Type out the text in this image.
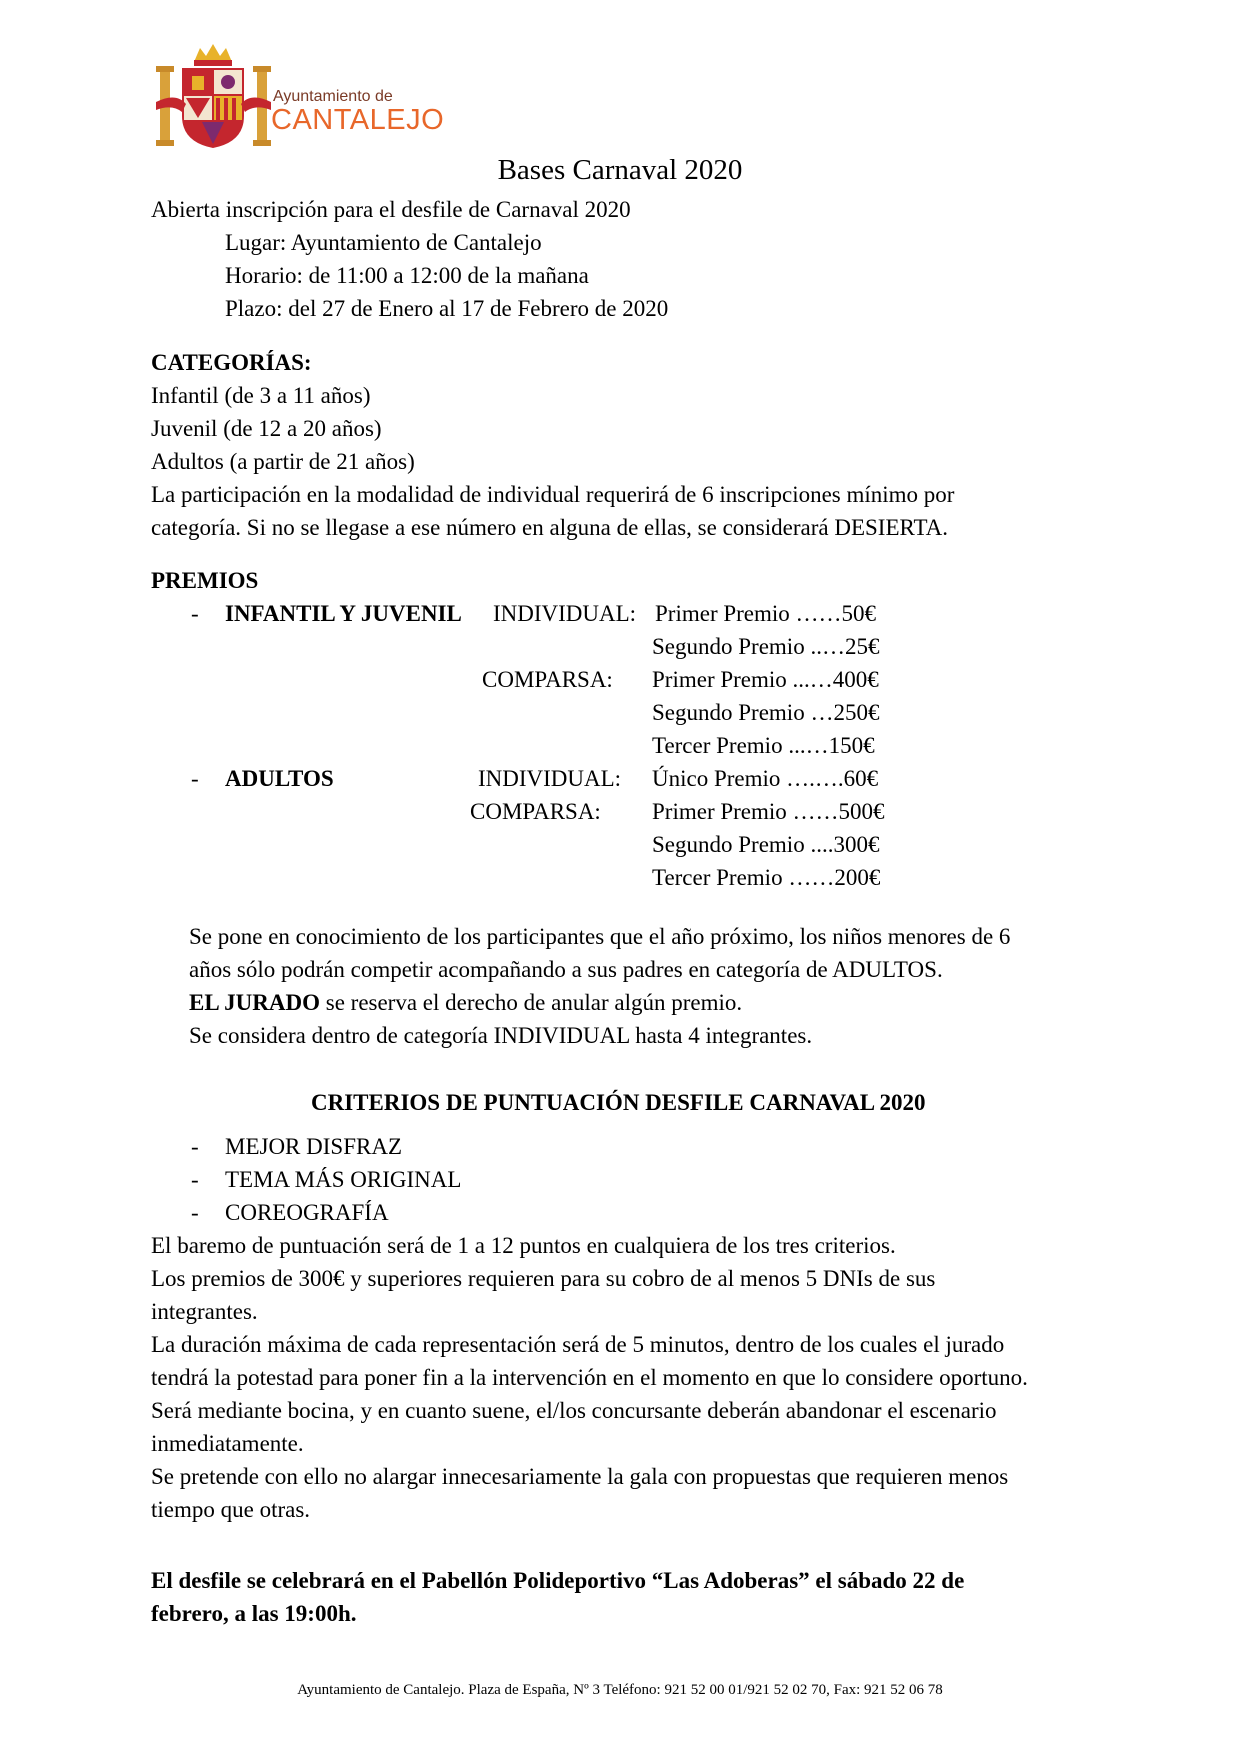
Ayuntamiento de
CANTALEJO
Bases Carnaval 2020
Abierta inscripción para el desfile de Carnaval 2020
Lugar: Ayuntamiento de Cantalejo
Horario: de 11:00 a 12:00 de la mañana
Plazo: del 27 de Enero al 17 de Febrero de 2020
CATEGORÍAS:
Infantil (de 3 a 11 años)
Juvenil (de 12 a 20 años)
Adultos (a partir de 21 años)
La participación en la modalidad de individual requerirá de 6 inscripciones mínimo por
categoría. Si no se llegase a ese número en alguna de ellas, se considerará DESIERTA.
PREMIOS
- INFANTIL Y JUVENIL INDIVIDUAL: Primer Premio ……50€
Segundo Premio ..…25€
COMPARSA: Primer Premio ...…400€
Segundo Premio …250€
Tercer Premio ...…150€
- ADULTOS	INDIVIDUAL: Único Premio ….….60€
COMPARSA: Primer Premio ……500€
Segundo Premio ....300€
Tercer Premio ……200€
Se pone en conocimiento de los participantes que el año próximo, los niños menores de 6
años sólo podrán competir acompañando a sus padres en categoría de ADULTOS.
EL JURADO se reserva el derecho de anular algún premio.
Se considera dentro de categoría INDIVIDUAL hasta 4 integrantes.
CRITERIOS DE PUNTUACIÓN DESFILE CARNAVAL 2020
- MEJOR DISFRAZ
- TEMA MÁS ORIGINAL
- COREOGRAFÍA
El baremo de puntuación será de 1 a 12 puntos en cualquiera de los tres criterios.
Los premios de 300€ y superiores requieren para su cobro de al menos 5 DNIs de sus
integrantes.
La duración máxima de cada representación será de 5 minutos, dentro de los cuales el jurado
tendrá la potestad para poner fin a la intervención en el momento en que lo considere oportuno.
Será mediante bocina, y en cuanto suene, el/los concursante deberán abandonar el escenario
inmediatamente.
Se pretende con ello no alargar innecesariamente la gala con propuestas que requieren menos
tiempo que otras.
El desfile se celebrará en el Pabellón Polideportivo “Las Adoberas” el sábado 22 de
febrero, a las 19:00h.
Ayuntamiento de Cantalejo. Plaza de España, Nº 3 Teléfono: 921 52 00 01/921 52 02 70, Fax: 921 52 06 78
